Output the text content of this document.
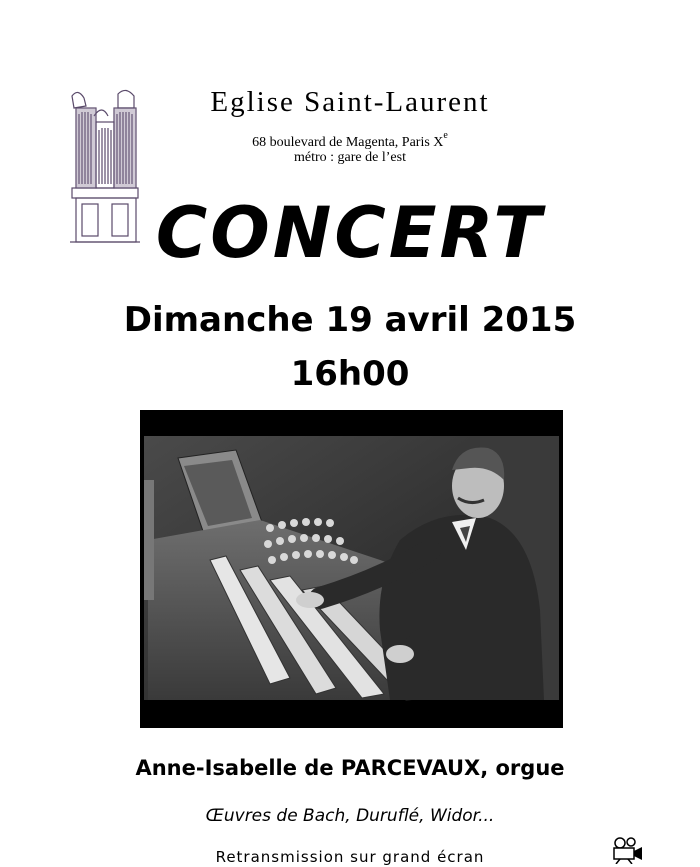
Eglise Saint-Laurent
68 boulevard de Magenta, Paris Xe
métro : gare de l’est
CONCERT
Dimanche 19 avril 2015
16h00
Anne-Isabelle de PARCEVAUX, orgue
Œuvres de Bach, Duruflé, Widor...
Retransmission sur grand écran
